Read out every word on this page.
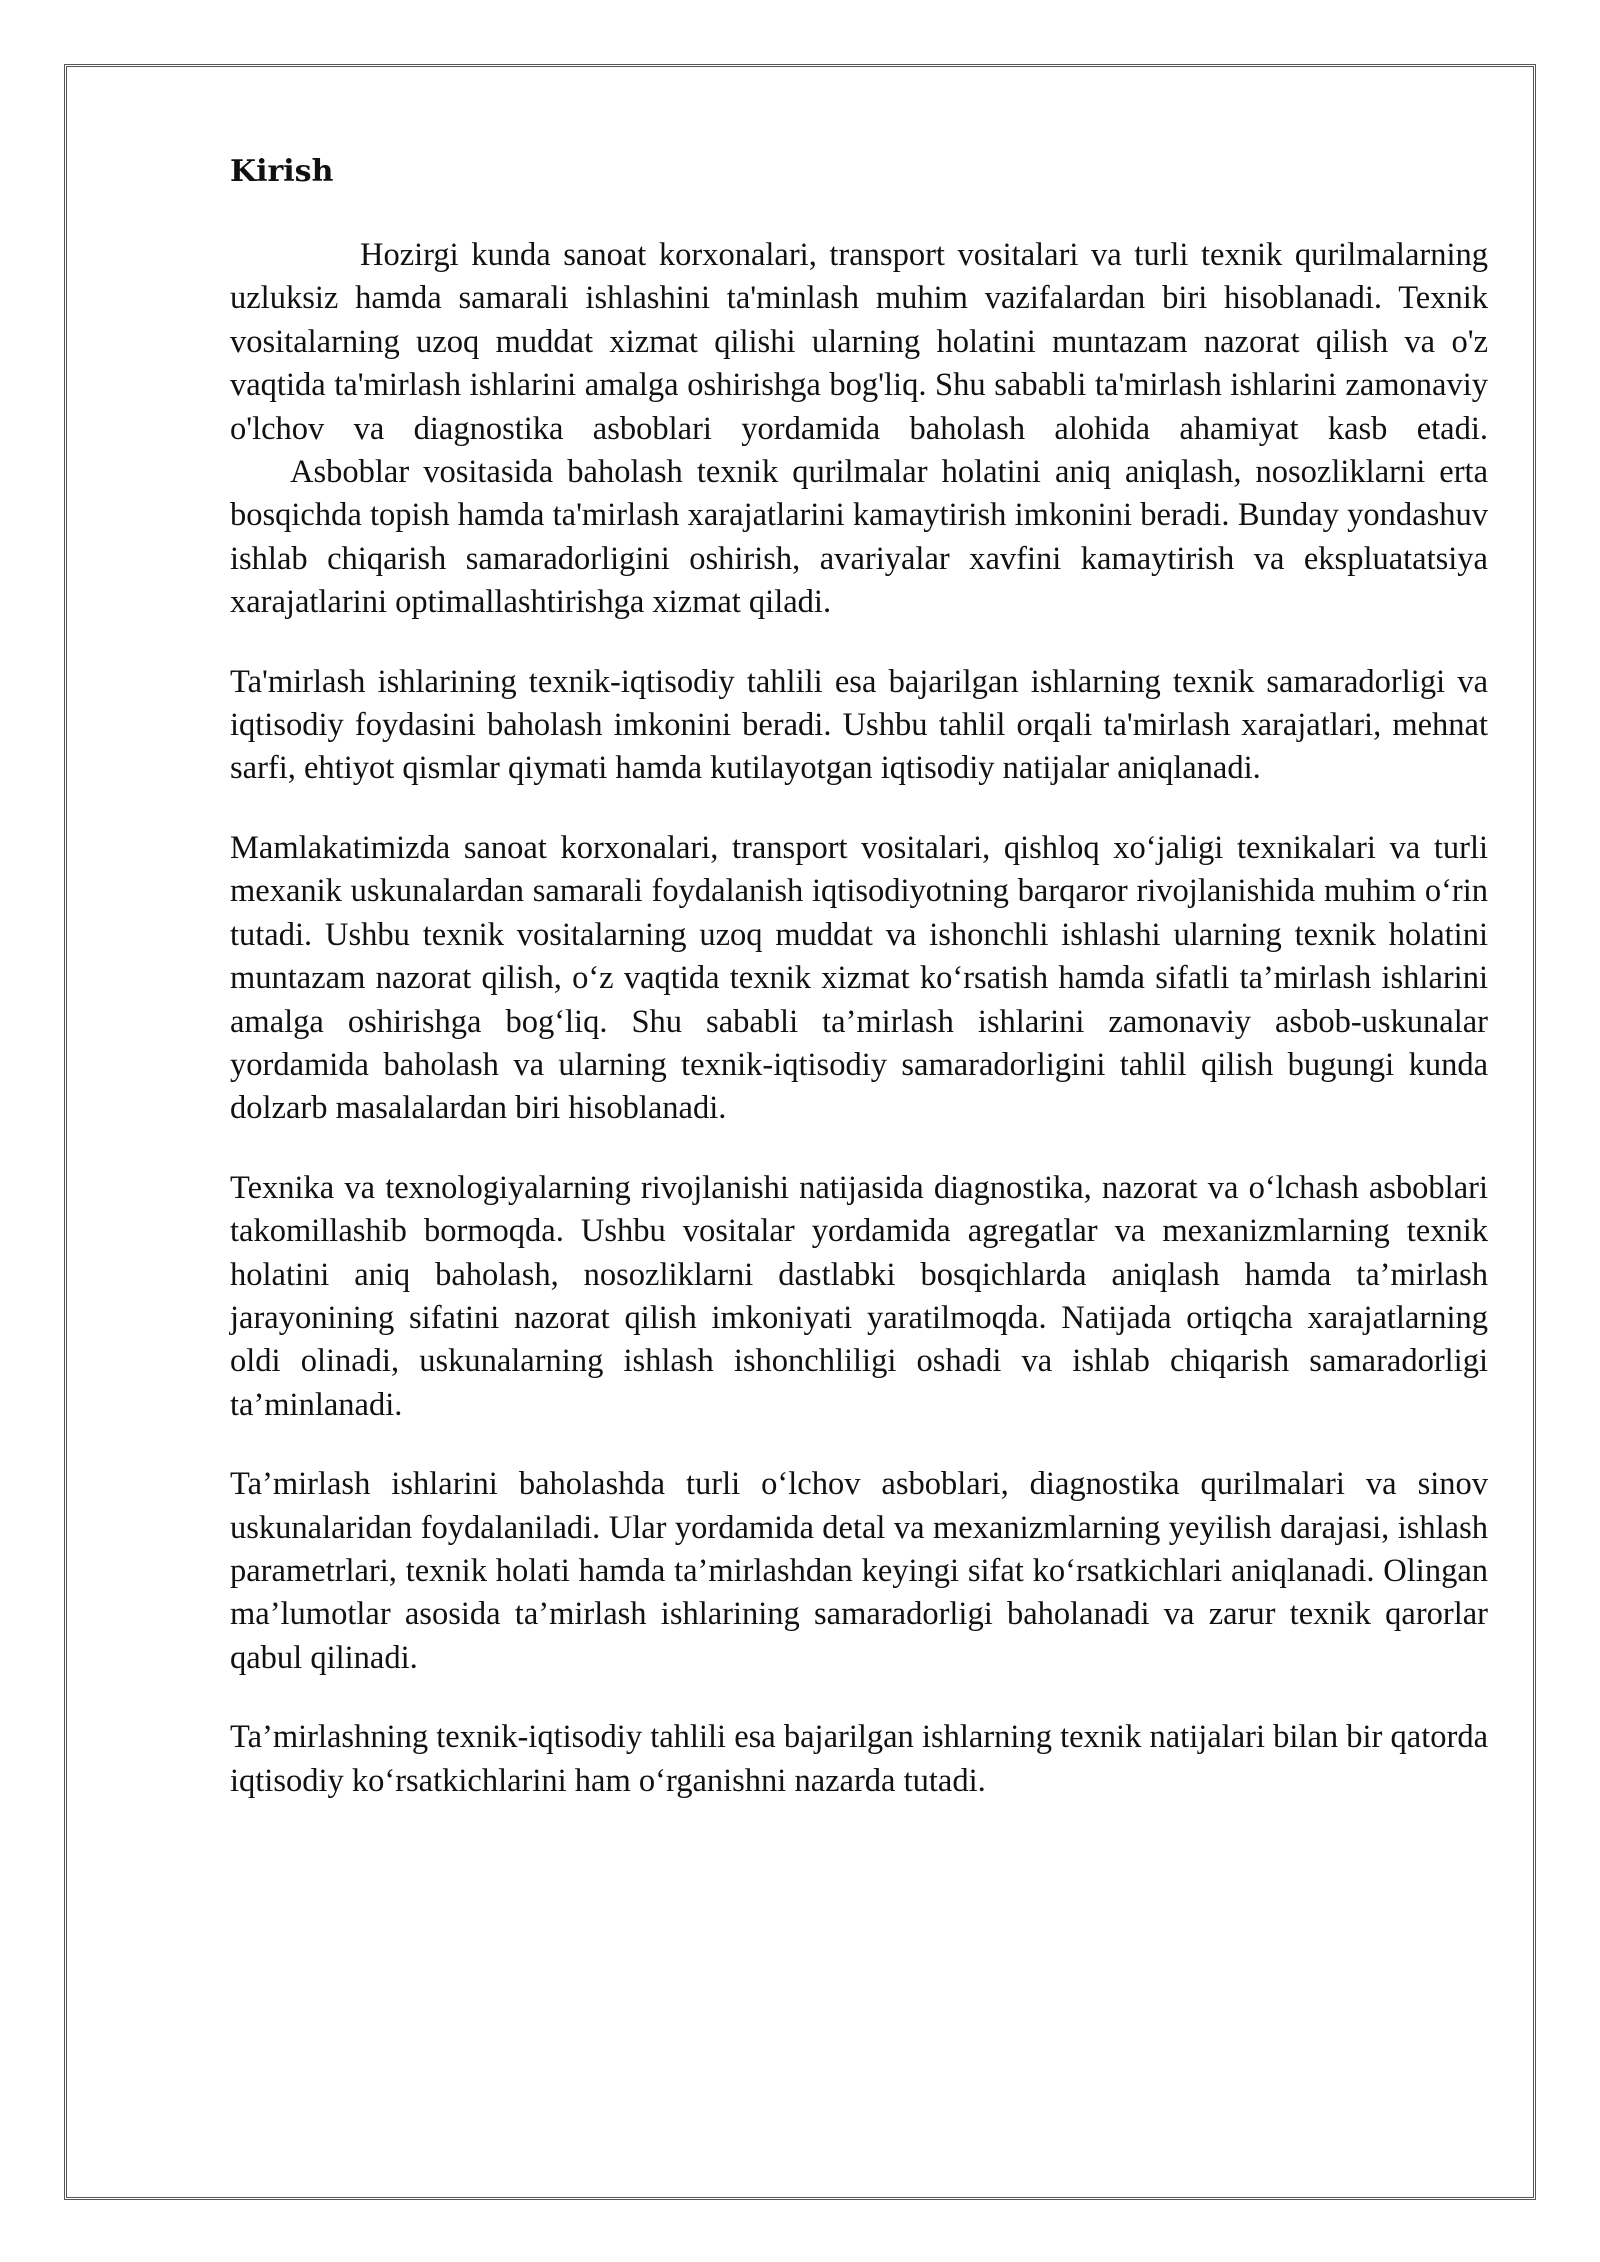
Kirish

Hozirgi kunda sanoat korxonalari, transport vositalari va turli texnik qurilmalarning uzluksiz hamda samarali ishlashini ta'minlash muhim vazifalardan biri hisoblanadi. Texnik vositalarning uzoq muddat xizmat qilishi ularning holatini muntazam nazorat qilish va o'z vaqtida ta'mirlash ishlarini amalga oshirishga bog'liq. Shu sababli ta'mirlash ishlarini zamonaviy o'lchov va diagnostika asboblari yordamida baholash alohida ahamiyat kasb etadi.

Asboblar vositasida baholash texnik qurilmalar holatini aniq aniqlash, nosozliklarni erta bosqichda topish hamda ta'mirlash xarajatlarini kamaytirish imkonini beradi. Bunday yondashuv ishlab chiqarish samaradorligini oshirish, avariyalar xavfini kamaytirish va ekspluatatsiya xarajatlarini optimallashtirishga xizmat qiladi.

Ta'mirlash ishlarining texnik-iqtisodiy tahlili esa bajarilgan ishlarning texnik samaradorligi va iqtisodiy foydasini baholash imkonini beradi. Ushbu tahlil orqali ta'mirlash xarajatlari, mehnat sarfi, ehtiyot qismlar qiymati hamda kutilayotgan iqtisodiy natijalar aniqlanadi.

Mamlakatimizda sanoat korxonalari, transport vositalari, qishloq xo‘jaligi texnikalari va turli mexanik uskunalardan samarali foydalanish iqtisodiyotning barqaror rivojlanishida muhim o‘rin tutadi. Ushbu texnik vositalarning uzoq muddat va ishonchli ishlashi ularning texnik holatini muntazam nazorat qilish, o‘z vaqtida texnik xizmat ko‘rsatish hamda sifatli ta’mirlash ishlarini amalga oshirishga bog‘liq. Shu sababli ta’mirlash ishlarini zamonaviy asbob-uskunalar yordamida baholash va ularning texnik-iqtisodiy samaradorligini tahlil qilish bugungi kunda dolzarb masalalardan biri hisoblanadi.

Texnika va texnologiyalarning rivojlanishi natijasida diagnostika, nazorat va o‘lchash asboblari takomillashib bormoqda. Ushbu vositalar yordamida agregatlar va mexanizmlarning texnik holatini aniq baholash, nosozliklarni dastlabki bosqichlarda aniqlash hamda ta’mirlash jarayonining sifatini nazorat qilish imkoniyati yaratilmoqda. Natijada ortiqcha xarajatlarning oldi olinadi, uskunalarning ishlash ishonchliligi oshadi va ishlab chiqarish samaradorligi ta’minlanadi.

Ta’mirlash ishlarini baholashda turli o‘lchov asboblari, diagnostika qurilmalari va sinov uskunalaridan foydalaniladi. Ular yordamida detal va mexanizmlarning yeyilish darajasi, ishlash parametrlari, texnik holati hamda ta’mirlashdan keyingi sifat ko‘rsatkichlari aniqlanadi. Olingan ma’lumotlar asosida ta’mirlash ishlarining samaradorligi baholanadi va zarur texnik qarorlar qabul qilinadi.

Ta’mirlashning texnik-iqtisodiy tahlili esa bajarilgan ishlarning texnik natijalari bilan bir qatorda iqtisodiy ko‘rsatkichlarini ham o‘rganishni nazarda tutadi.
